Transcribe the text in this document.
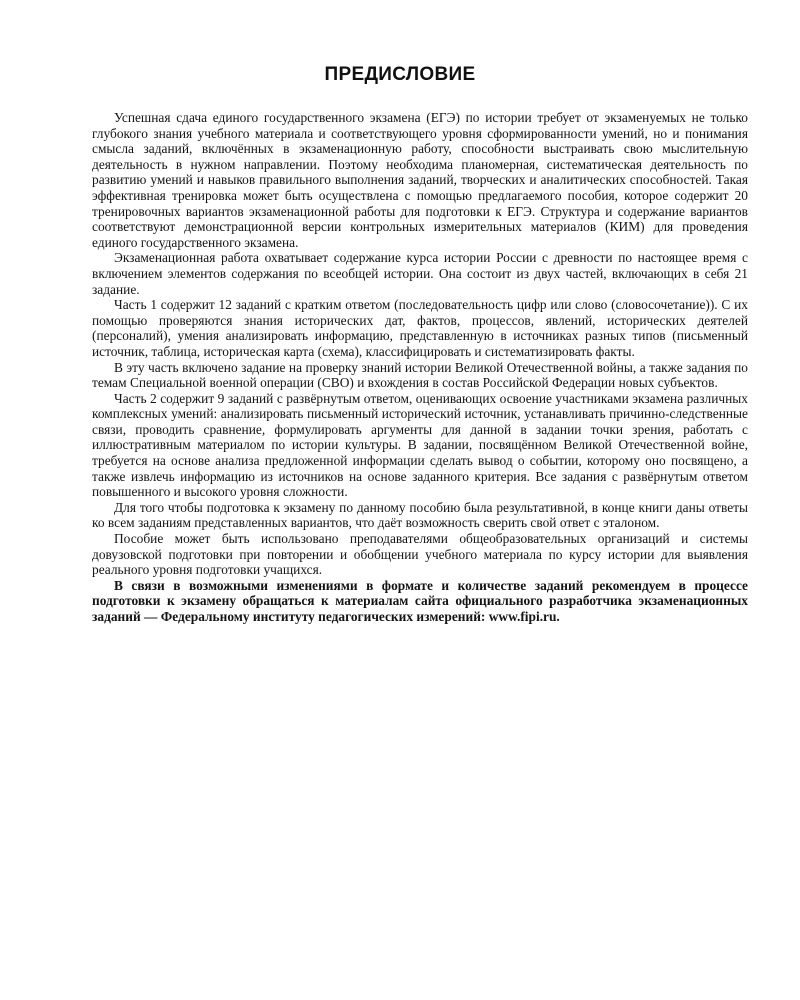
ПРЕДИСЛОВИЕ

Успешная сдача единого государственного экзамена (ЕГЭ) по истории требует от экзаменуемых не только глубокого знания учебного материала и соответствующего уровня сформированности умений, но и понимания смысла заданий, включённых в экзаменационную работу, способности выстраивать свою мыслительную деятельность в нужном направлении. Поэтому необходима планомерная, систематическая деятельность по развитию умений и навыков правильного выполнения заданий, творческих и аналитических способностей. Такая эффективная тренировка может быть осуществлена с помощью предлагаемого пособия, которое содержит 20 тренировочных вариантов экзаменационной работы для подготовки к ЕГЭ. Структура и содержание вариантов соответствуют демонстрационной версии контрольных измерительных материалов (КИМ) для проведения единого государственного экзамена.

Экзаменационная работа охватывает содержание курса истории России с древности по настоящее время с включением элементов содержания по всеобщей истории. Она состоит из двух частей, включающих в себя 21 задание.

Часть 1 содержит 12 заданий с кратким ответом (последовательность цифр или слово (словосочетание)). С их помощью проверяются знания исторических дат, фактов, процессов, явлений, исторических деятелей (персоналий), умения анализировать информацию, представленную в источниках разных типов (письменный источник, таблица, историческая карта (схема), классифицировать и систематизировать факты.

В эту часть включено задание на проверку знаний истории Великой Отечественной войны, а также задания по темам Специальной военной операции (СВО) и вхождения в состав Российской Федерации новых субъектов.

Часть 2 содержит 9 заданий с развёрнутым ответом, оценивающих освоение участниками экзамена различных комплексных умений: анализировать письменный исторический источник, устанавливать причинно-следственные связи, проводить сравнение, формулировать аргументы для данной в задании точки зрения, работать с иллюстративным материалом по истории культуры. В задании, посвящённом Великой Отечественной войне, требуется на основе анализа предложенной информации сделать вывод о событии, которому оно посвящено, а также извлечь информацию из источников на основе заданного критерия. Все задания с развёрнутым ответом повышенного и высокого уровня сложности.

Для того чтобы подготовка к экзамену по данному пособию была результативной, в конце книги даны ответы ко всем заданиям представленных вариантов, что даёт возможность сверить свой ответ с эталоном.

Пособие может быть использовано преподавателями общеобразовательных организаций и системы довузовской подготовки при повторении и обобщении учебного материала по курсу истории для выявления реального уровня подготовки учащихся.

В связи в возможными изменениями в формате и количестве заданий рекомендуем в процессе подготовки к экзамену обращаться к материалам сайта официального разработчика экзаменационных заданий — Федеральному институту педагогических измерений: www.fipi.ru.
